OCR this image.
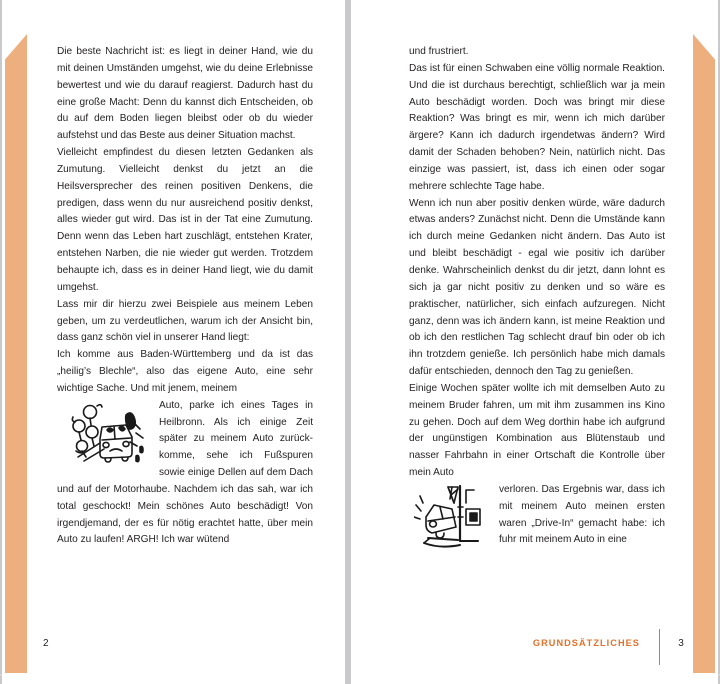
Die beste Nachricht ist: es liegt in deiner Hand, wie du mit deinen Umständen umgehst, wie du deine Erlebnisse bewertest und wie du darauf reagierst. Dadurch hast du eine große Macht: Denn du kannst dich Entscheiden, ob du auf dem Boden liegen bleibst oder ob du wieder aufstehst und das Beste aus deiner Situation machst.

Vielleicht empfindest du diesen letzten Gedanken als Zumutung. Vielleicht denkst du jetzt an die Heilsversprecher des reinen positiven Denkens, die predigen, dass wenn du nur ausreichend positiv denkst, alles wieder gut wird. Das ist in der Tat eine Zumutung. Denn wenn das Leben hart zuschlägt, entstehen Krater, entstehen Narben, die nie wieder gut werden. Trotzdem behaupte ich, dass es in deiner Hand liegt, wie du damit umgehst.

Lass mir dir hierzu zwei Beispiele aus meinem Leben geben, um zu verdeutlichen, warum ich der Ansicht bin, dass ganz schön viel in unserer Hand liegt:

Ich komme aus Baden-Württemberg und da ist das „heilig’s Blechle“, also das eigene Auto, eine sehr wichtige Sache. Und mit jenem, meinem

Auto, parke ich eines Tages in Heilbronn. Als ich einige Zeit später zu meinem Auto zurückkomme, sehe ich Fußspuren sowie einige Dellen auf dem Dach und auf der Motorhaube. Nachdem ich das sah, war ich total geschockt! Mein schönes Auto beschädigt! Von irgendjemand, der es für nötig erachtet hatte, über mein Auto zu laufen! ARGH! Ich war wütend

2

und frustriert.

Das ist für einen Schwaben eine völlig normale Reaktion. Und die ist durchaus berechtigt, schließlich war ja mein Auto beschädigt worden. Doch was bringt mir diese Reaktion? Was bringt es mir, wenn ich mich darüber ärgere? Kann ich dadurch irgendetwas ändern? Wird damit der Schaden behoben? Nein, natürlich nicht. Das einzige was passiert, ist, dass ich einen oder sogar mehrere schlechte Tage habe.

Wenn ich nun aber positiv denken würde, wäre dadurch etwas anders? Zunächst nicht. Denn die Umstände kann ich durch meine Gedanken nicht ändern. Das Auto ist und bleibt beschädigt - egal wie positiv ich darüber denke. Wahrscheinlich denkst du dir jetzt, dann lohnt es sich ja gar nicht positiv zu denken und so wäre es praktischer, natürlicher, sich einfach aufzuregen. Nicht ganz, denn was ich ändern kann, ist meine Reaktion und ob ich den restlichen Tag schlecht drauf bin oder ob ich ihn trotzdem genieße. Ich persönlich habe mich damals dafür entschieden, dennoch den Tag zu genießen.

Einige Wochen später wollte ich mit demselben Auto zu meinem Bruder fahren, um mit ihm zusammen ins Kino zu gehen. Doch auf dem Weg dorthin habe ich aufgrund der ungünstigen Kombination aus Blütenstaub und nasser Fahrbahn in einer Ortschaft die Kontrolle über mein Auto

verloren. Das Ergebnis war, dass ich mit meinem Auto meinen ersten waren „Drive-In“ gemacht habe: ich fuhr mit meinem Auto in eine

GRUNDSÄTZLICHES	3
